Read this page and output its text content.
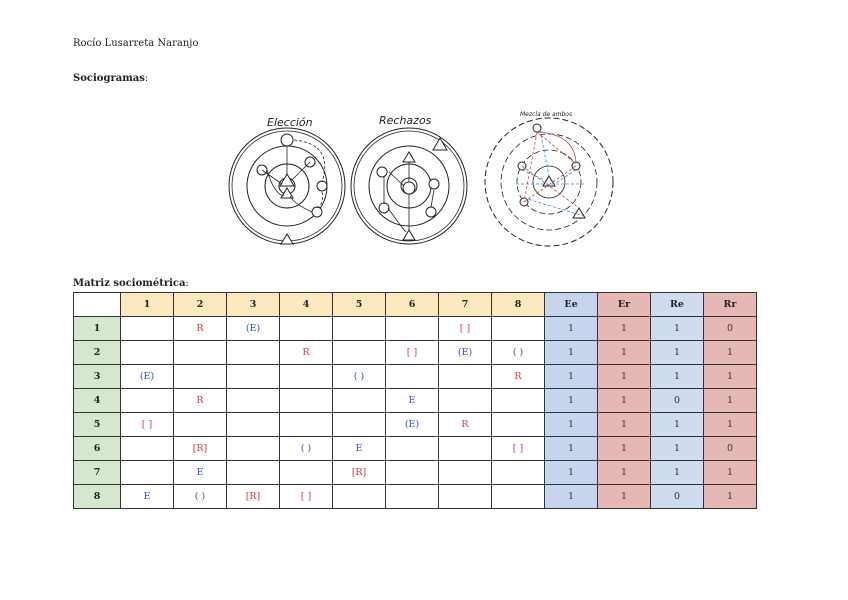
Rocío Lusarreta Naranjo
Sociogramas:
Elección	Rechazos	Mezcla de ambos
Matriz sociométrica:
	1	2	3	4	5	6	7	8	Ee	Er	Re	Rr
1		R	(E)				[ ]		1	1	1	0
2				R		[ ]	(E)	( )	1	1	1	1
3	(E)				( )			R	1	1	1	1
4		R				E			1	1	0	1
5	[ ]					(E)	R		1	1	1	1
6		[R]		( )	E			[ ]	1	1	1	0
7		E			[R]				1	1	1	1
8	E	( )	[R]	[ ]					1	1	0	1
